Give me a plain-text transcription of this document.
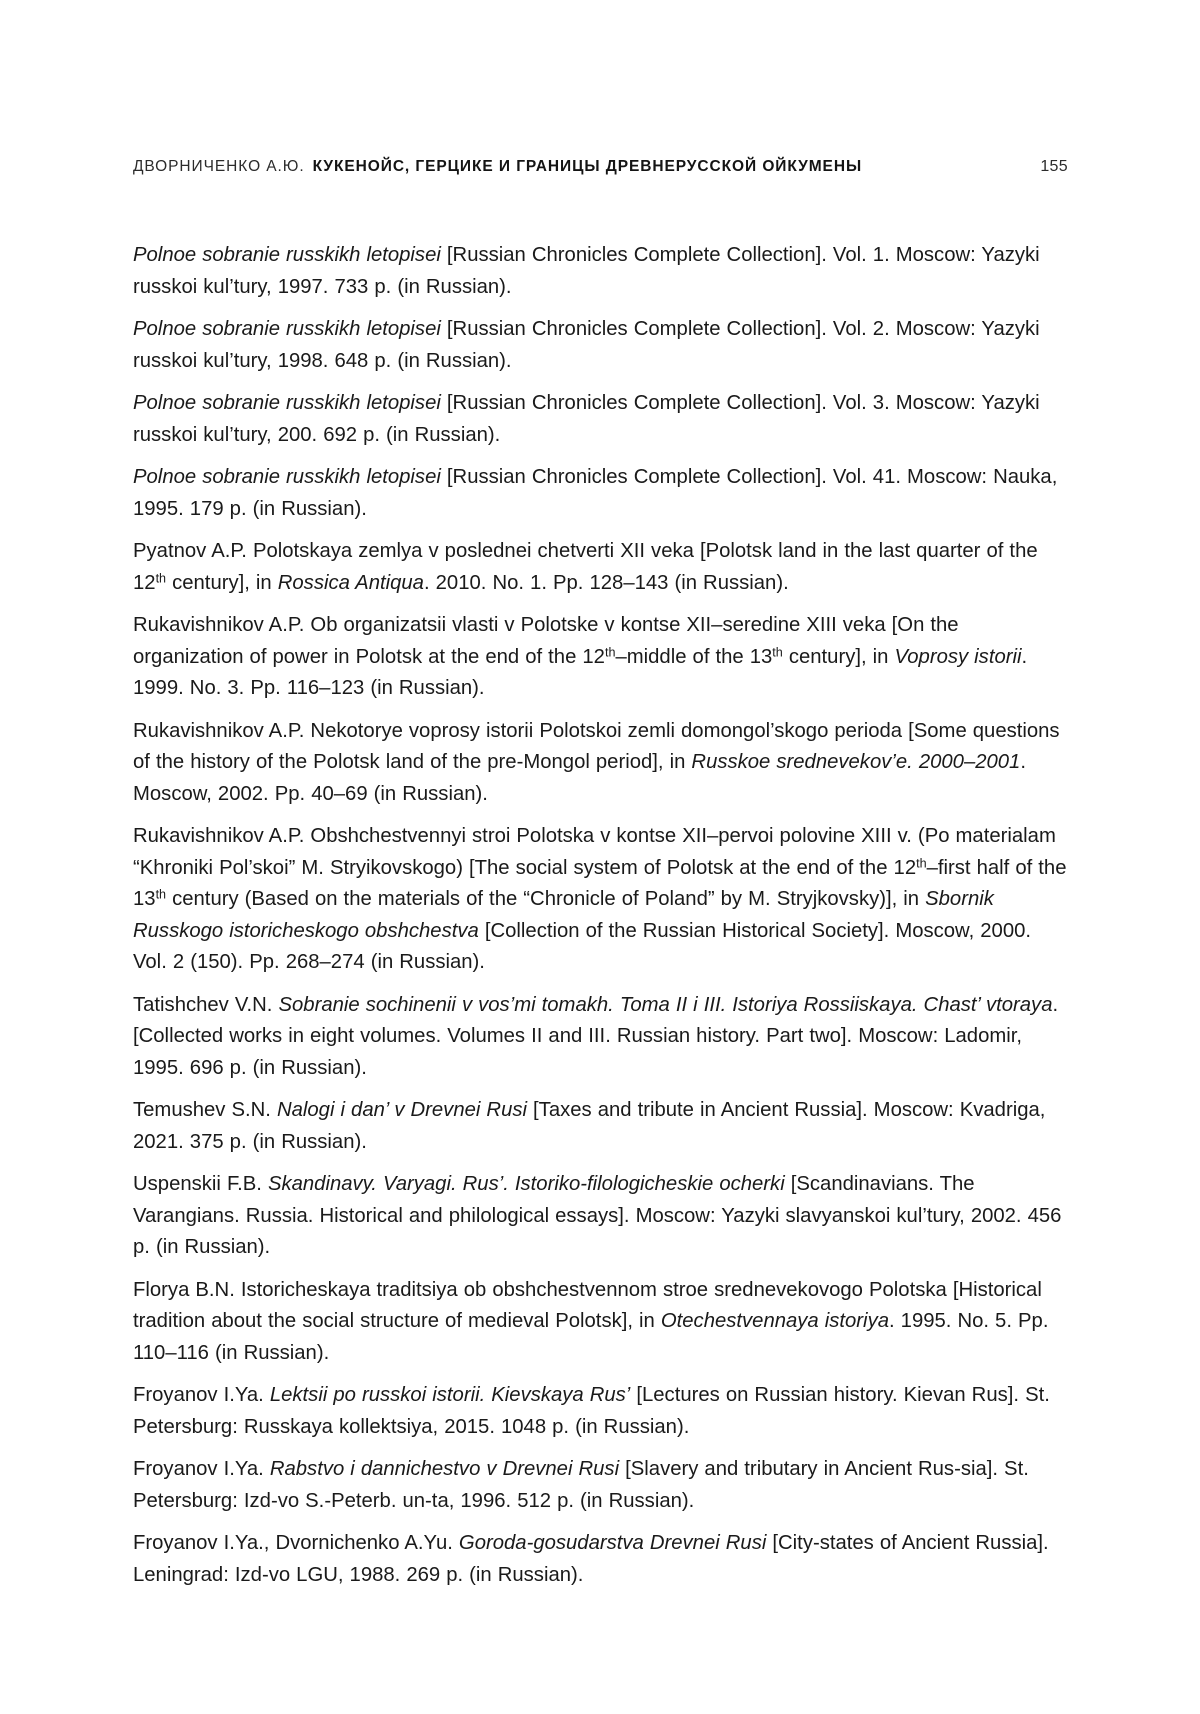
ДВОРНИЧЕНКО А.Ю. КУКЕНОЙС, ГЕРЦИКЕ И ГРАНИЦЫ ДРЕВНЕРУССКОЙ ОЙКУМЕНЫ	155

Polnoe sobranie russkikh letopisei [Russian Chronicles Complete Collection]. Vol. 1. Moscow: Yazyki russkoi kul’tury, 1997. 733 p. (in Russian).

Polnoe sobranie russkikh letopisei [Russian Chronicles Complete Collection]. Vol. 2. Moscow: Yazyki russkoi kul’tury, 1998. 648 p. (in Russian).

Polnoe sobranie russkikh letopisei [Russian Chronicles Complete Collection]. Vol. 3. Moscow: Yazyki russkoi kul’tury, 200. 692 p. (in Russian).

Polnoe sobranie russkikh letopisei [Russian Chronicles Complete Collection]. Vol. 41. Moscow: Nauka, 1995. 179 p. (in Russian).

Pyatnov A.P. Polotskaya zemlya v poslednei chetverti XII veka [Polotsk land in the last quarter of the 12th century], in Rossica Antiqua. 2010. No. 1. Pp. 128–143 (in Russian).

Rukavishnikov A.P. Ob organizatsii vlasti v Polotske v kontse XII–seredine XIII veka [On the organization of power in Polotsk at the end of the 12th–middle of the 13th century], in Voprosy istorii. 1999. No. 3. Pp. 116–123 (in Russian).

Rukavishnikov A.P. Nekotorye voprosy istorii Polotskoi zemli domongol’skogo perioda [Some questions of the history of the Polotsk land of the pre-Mongol period], in Russkoe srednevekov’e. 2000–2001. Moscow, 2002. Pp. 40–69 (in Russian).

Rukavishnikov A.P. Obshchestvennyi stroi Polotska v kontse XII–pervoi polovine XIII v. (Po materialam “Khroniki Pol’skoi” M. Stryikovskogo) [The social system of Polotsk at the end of the 12th–first half of the 13th century (Based on the materials of the “Chronicle of Poland” by M. Stryjkovsky)], in Sbornik Russkogo istoricheskogo obshchestva [Collection of the Russian Historical Society]. Moscow, 2000. Vol. 2 (150). Pp. 268–274 (in Russian).

Tatishchev V.N. Sobranie sochinenii v vos’mi tomakh. Toma II i III. Istoriya Rossiiskaya. Chast’ vtoraya. [Collected works in eight volumes. Volumes II and III. Russian history. Part two]. Moscow: Ladomir, 1995. 696 p. (in Russian).

Temushev S.N. Nalogi i dan’ v Drevnei Rusi [Taxes and tribute in Ancient Russia]. Moscow: Kvadriga, 2021. 375 p. (in Russian).

Uspenskii F.B. Skandinavy. Varyagi. Rus’. Istoriko-filologicheskie ocherki [Scandinavians. The Varangians. Russia. Historical and philological essays]. Moscow: Yazyki slavyanskoi kul’tury, 2002. 456 p. (in Russian).

Florya B.N. Istoricheskaya traditsiya ob obshchestvennom stroe srednevekovogo Polotska [Historical tradition about the social structure of medieval Polotsk], in Otechestvennaya istoriya. 1995. No. 5. Pp. 110–116 (in Russian).

Froyanov I.Ya. Lektsii po russkoi istorii. Kievskaya Rus’ [Lectures on Russian history. Kievan Rus]. St. Petersburg: Russkaya kollektsiya, 2015. 1048 p. (in Russian).

Froyanov I.Ya. Rabstvo i dannichestvo v Drevnei Rusi [Slavery and tributary in Ancient Rus-sia]. St. Petersburg: Izd-vo S.-Peterb. un-ta, 1996. 512 p. (in Russian).

Froyanov I.Ya., Dvornichenko A.Yu. Goroda-gosudarstva Drevnei Rusi [City-states of Ancient Russia]. Leningrad: Izd-vo LGU, 1988. 269 p. (in Russian).
